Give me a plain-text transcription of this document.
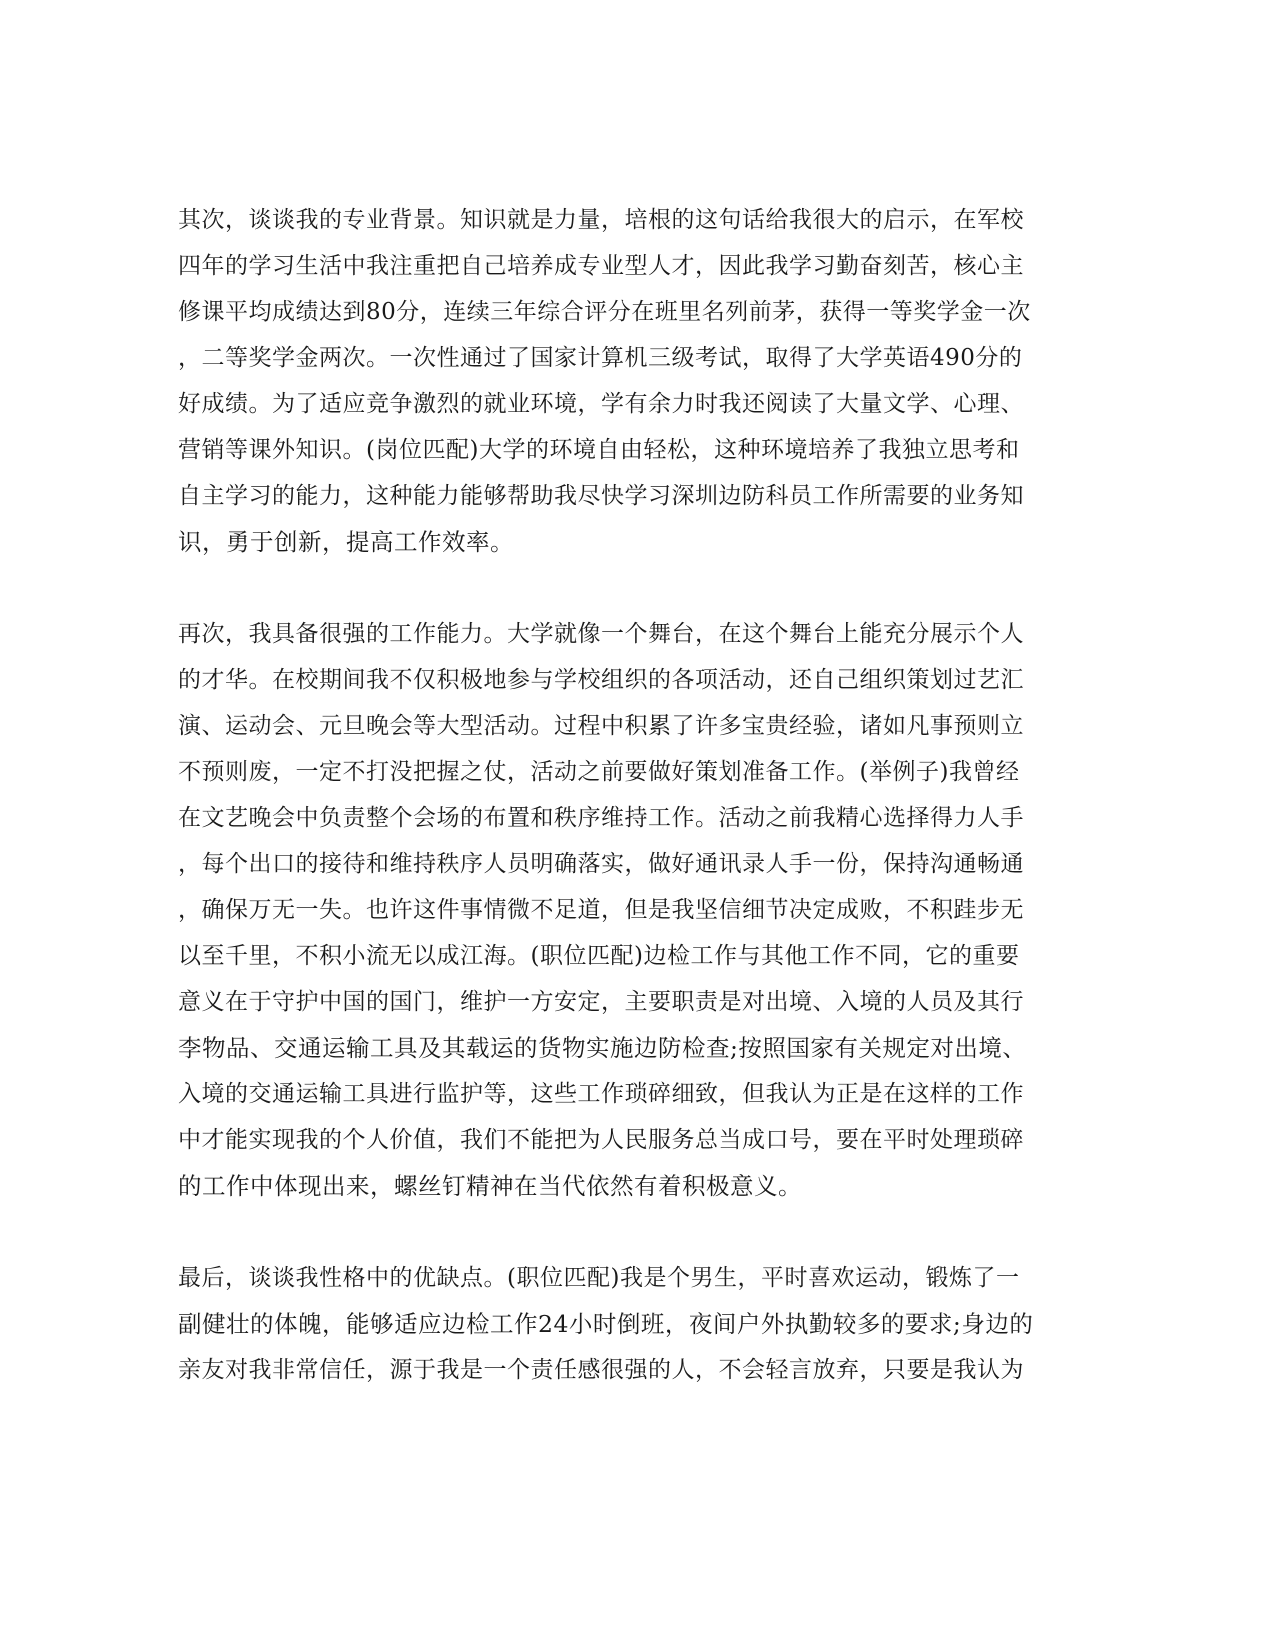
其次，谈谈我的专业背景。知识就是力量，培根的这句话给我很大的启示，在军校
四年的学习生活中我注重把自己培养成专业型人才，因此我学习勤奋刻苦，核心主
修课平均成绩达到80分，连续三年综合评分在班里名列前茅，获得一等奖学金一次
，二等奖学金两次。一次性通过了国家计算机三级考试，取得了大学英语490分的
好成绩。为了适应竞争激烈的就业环境，学有余力时我还阅读了大量文学、心理、
营销等课外知识。(岗位匹配)大学的环境自由轻松，这种环境培养了我独立思考和
自主学习的能力，这种能力能够帮助我尽快学习深圳边防科员工作所需要的业务知
识，勇于创新，提高工作效率。
再次，我具备很强的工作能力。大学就像一个舞台，在这个舞台上能充分展示个人
的才华。在校期间我不仅积极地参与学校组织的各项活动，还自己组织策划过艺汇
演、运动会、元旦晚会等大型活动。过程中积累了许多宝贵经验，诸如凡事预则立
不预则废，一定不打没把握之仗，活动之前要做好策划准备工作。(举例子)我曾经
在文艺晚会中负责整个会场的布置和秩序维持工作。活动之前我精心选择得力人手
，每个出口的接待和维持秩序人员明确落实，做好通讯录人手一份，保持沟通畅通
，确保万无一失。也许这件事情微不足道，但是我坚信细节决定成败，不积跬步无
以至千里，不积小流无以成江海。(职位匹配)边检工作与其他工作不同，它的重要
意义在于守护中国的国门，维护一方安定，主要职责是对出境、入境的人员及其行
李物品、交通运输工具及其载运的货物实施边防检查;按照国家有关规定对出境、
入境的交通运输工具进行监护等，这些工作琐碎细致，但我认为正是在这样的工作
中才能实现我的个人价值，我们不能把为人民服务总当成口号，要在平时处理琐碎
的工作中体现出来，螺丝钉精神在当代依然有着积极意义。
最后，谈谈我性格中的优缺点。(职位匹配)我是个男生，平时喜欢运动，锻炼了一
副健壮的体魄，能够适应边检工作24小时倒班，夜间户外执勤较多的要求;身边的
亲友对我非常信任，源于我是一个责任感很强的人，不会轻言放弃，只要是我认为
